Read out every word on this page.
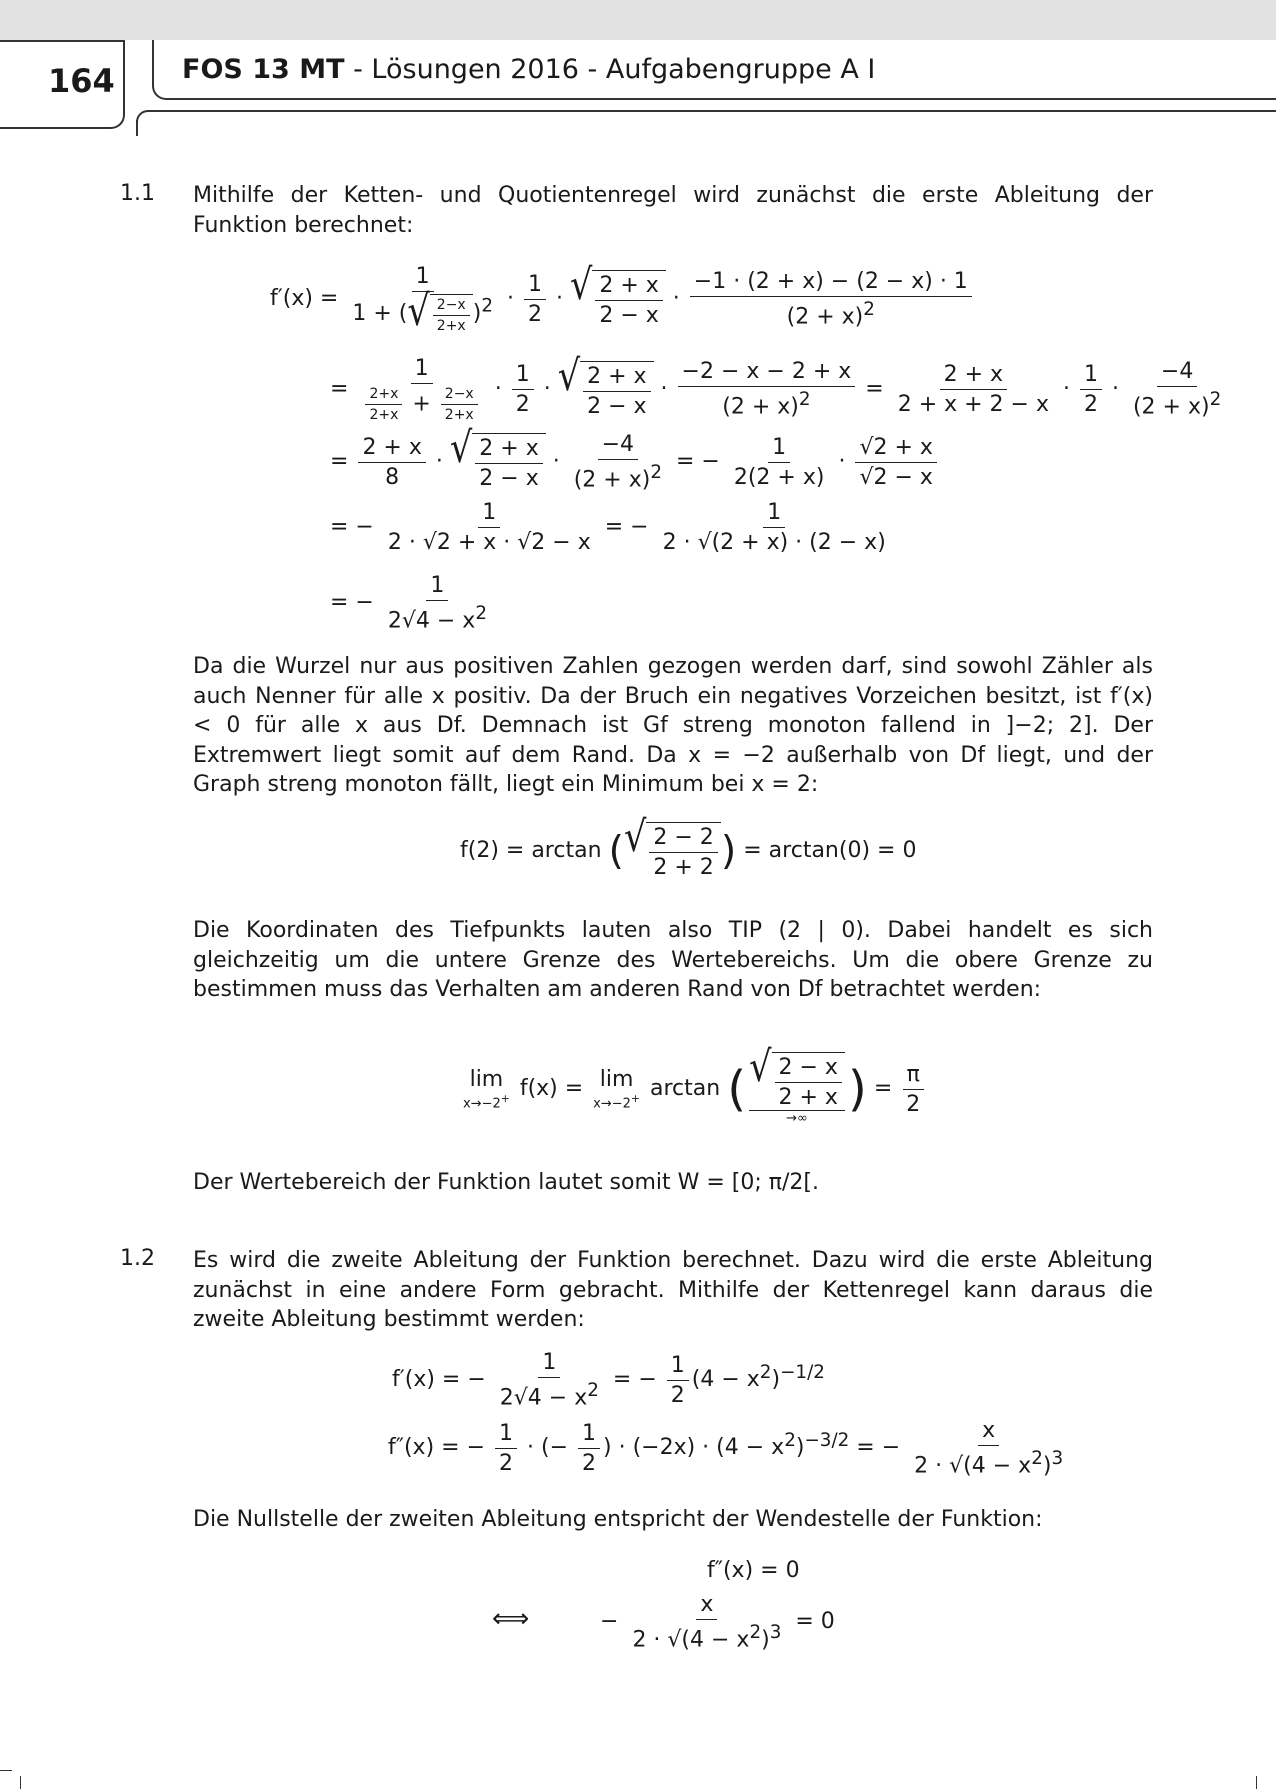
164 FOS 13 MT - Lösungen 2016 - Aufgabengruppe A I
1.1 Mithilfe der Ketten- und Quotientenregel wird zunächst die erste Ableitung der Funktion berechnet:
$f'(x) = \frac{1}{1 + ( √ \frac{2-x}{2+x} )^2} \cdot \frac{1}{2}$ · √ $\frac{2 + x}{2 - x} \cdot \frac{-1 \cdot (2 + x) - (2 - x) \cdot 1}{(2 + x)^2}$
= $\frac{1}{\frac{2+x}{2+x} + \frac{2-x}{2+x}} \cdot \frac{1}{2}$ · √ $\frac{2 + x}{2 - x} \cdot \frac{-2 - x - 2 + x}{(2 + x)^2} = \frac{2 + x}{2 + x + 2 - x} \cdot \frac{1}{2} \cdot \frac{-4}{(2 + x)^2}$
= $\frac{2 + x}{8}$ · √ $\frac{2 + x}{2 - x} \cdot \frac{-4}{(2 + x)^2}$ = − $\frac{1}{2(2 + x)} \cdot \frac{√2 + x}{√2 - x}$
= − $\frac{1}{2 \cdot √2 + x \cdot √2 - x}$ = − $\frac{1}{2 \cdot √(2 + x) \cdot (2 - x)}$
= − $\frac{1}{2√4 - x^2}$
Da die Wurzel nur aus positiven Zahlen gezogen werden darf, sind sowohl Zähler als auch Nenner für alle x positiv. Da der Bruch ein negatives Vorzeichen besitzt, ist f′(x) < 0 für alle x aus Df. Demnach ist Gf streng monoton fallend in ]−2; 2]. Der Extremwert liegt somit auf dem Rand. Da x = −2 außerhalb von Df liegt, und der Graph streng monoton fällt, liegt ein Minimum bei x = 2:
f(2) = arctan ( √ $\frac{2 - 2}{2 + 2}$ ) = arctan(0) = 0
Die Koordinaten des Tiefpunkts lauten also TIP (2 | 0). Dabei handelt es sich gleichzeitig um die untere Grenze des Wertebereichs. Um die obere Grenze zu bestimmen muss das Verhalten am anderen Rand von Df betrachtet werden:
lim
x→−2+ f(x) = lim
x→−2+ arctan ( $\frac{√ \frac{2 - x}{2 + x}}{\to\infty}$ ) = $\frac{\pi}{2}$
Der Wertebereich der Funktion lautet somit W = [0; π/2[.
1.2 Es wird die zweite Ableitung der Funktion berechnet. Dazu wird die erste Ableitung zunächst in eine andere Form gebracht. Mithilfe der Kettenregel kann daraus die zweite Ableitung bestimmt werden:
f′(x) = − $\frac{1}{2√4 - x^2}$ = − $\frac{1}{2} (4 - x^2)^{-1/2}$
f″(x) = − $\frac{1}{2}$ · (− $\frac{1}{2}$ ) · $(-2x) \cdot (4 - x^2)^{-3/2}$ = − $\frac{x}{2 \cdot √(4 - x^2)^3}$
Die Nullstelle der zweiten Ableitung entspricht der Wendestelle der Funktion:
f″(x) = 0
⟺	− $\frac{x}{2 \cdot √(4 - x^2)^3} = 0$
